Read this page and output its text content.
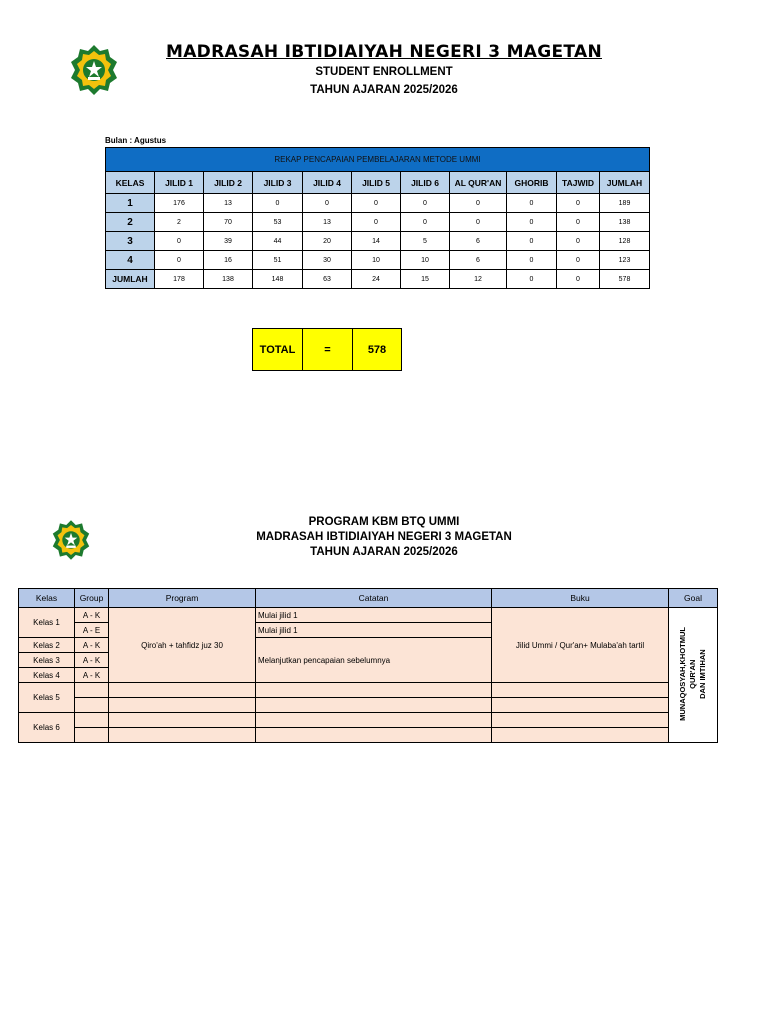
MADRASAH IBTIDIAIYAH NEGERI 3 MAGETAN
STUDENT ENROLLMENT
TAHUN AJARAN 2025/2026
Bulan : Agustus
REKAP PENCAPAIAN PEMBELAJARAN METODE UMMI										
KELAS	JILID 1	JILID 2	JILID 3	JILID 4	JILID 5	JILID 6	AL QUR'AN	GHORIB	TAJWID	JUMLAH
1	176	13	0	0	0	0	0	0	0	189
2	2	70	53	13	0	0	0	0	0	138
3	0	39	44	20	14	5	6	0	0	128
4	0	16	51	30	10	10	6	0	0	123
JUMLAH	178	138	148	63	24	15	12	0	0	578
TOTAL	=	578
PROGRAM KBM BTQ UMMI
MADRASAH IBTIDIAIYAH NEGERI 3 MAGETAN
TAHUN AJARAN 2025/2026
Kelas	Group	Program	Catatan	Buku	Goal
Kelas 1	A - K	Qiro'ah + tahfidz juz 30	Mulai jilid 1	Jilid Ummi / Qur'an+ Mulaba'ah tartil	MUNAQOSYAH,KHOTMUL
QUR'AN
DAN IMTIHAN
	A - E		Mulai jilid 1		
Kelas 2	A - K		Melanjutkan pencapaian sebelumnya		
Kelas 3	A - K				
Kelas 4	A - K				
Kelas 5					

Kelas 6					
